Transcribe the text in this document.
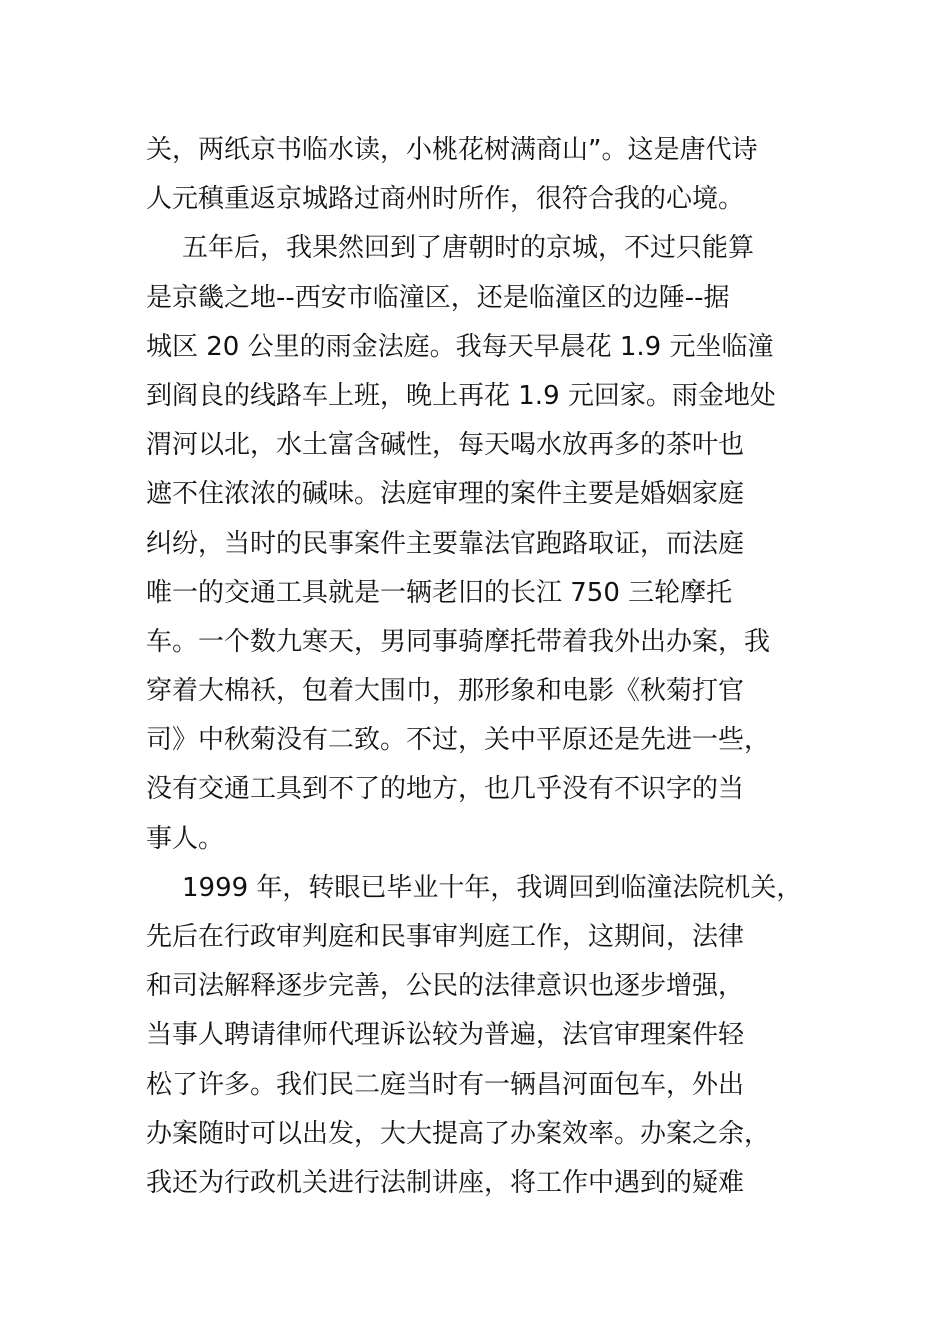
关，两纸京书临水读，小桃花树满商山”。这是唐代诗
人元稹重返京城路过商州时所作，很符合我的心境。
五年后，我果然回到了唐朝时的京城，不过只能算
是京畿之地--西安市临潼区，还是临潼区的边陲--据
城区 20 公里的雨金法庭。我每天早晨花 1.9 元坐临潼
到阎良的线路车上班，晚上再花 1.9 元回家。雨金地处
渭河以北，水土富含碱性，每天喝水放再多的茶叶也
遮不住浓浓的碱味。法庭审理的案件主要是婚姻家庭
纠纷，当时的民事案件主要靠法官跑路取证，而法庭
唯一的交通工具就是一辆老旧的长江 750 三轮摩托
车。一个数九寒天，男同事骑摩托带着我外出办案，我
穿着大棉袄，包着大围巾，那形象和电影《秋菊打官
司》中秋菊没有二致。不过，关中平原还是先进一些，
没有交通工具到不了的地方，也几乎没有不识字的当
事人。
1999 年，转眼已毕业十年，我调回到临潼法院机关，
先后在行政审判庭和民事审判庭工作，这期间，法律
和司法解释逐步完善，公民的法律意识也逐步增强，
当事人聘请律师代理诉讼较为普遍，法官审理案件轻
松了许多。我们民二庭当时有一辆昌河面包车，外出
办案随时可以出发，大大提高了办案效率。办案之余，
我还为行政机关进行法制讲座，将工作中遇到的疑难
